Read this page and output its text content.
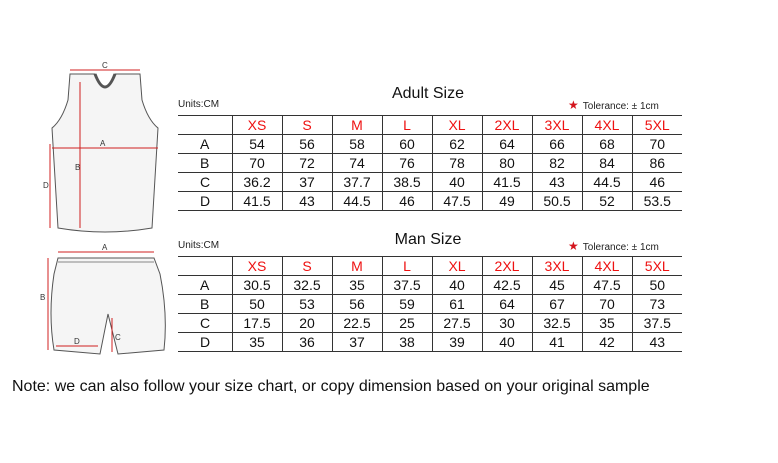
C
A
B
D
A
B
C
D
Adult Size
Units:CM	★ Tolerance: ± 1cm
	XS	S	M	L	XL	2XL	3XL	4XL	5XL
A	54	56	58	60	62	64	66	68	70
B	70	72	74	76	78	80	82	84	86
C	36.2	37	37.7	38.5	40	41.5	43	44.5	46
D	41.5	43	44.5	46	47.5	49	50.5	52	53.5
Man Size
Units:CM	★ Tolerance: ± 1cm
	XS	S	M	L	XL	2XL	3XL	4XL	5XL
A	30.5	32.5	35	37.5	40	42.5	45	47.5	50
B	50	53	56	59	61	64	67	70	73
C	17.5	20	22.5	25	27.5	30	32.5	35	37.5
D	35	36	37	38	39	40	41	42	43
Note: we can also follow your size chart, or copy dimension based on your original sample
